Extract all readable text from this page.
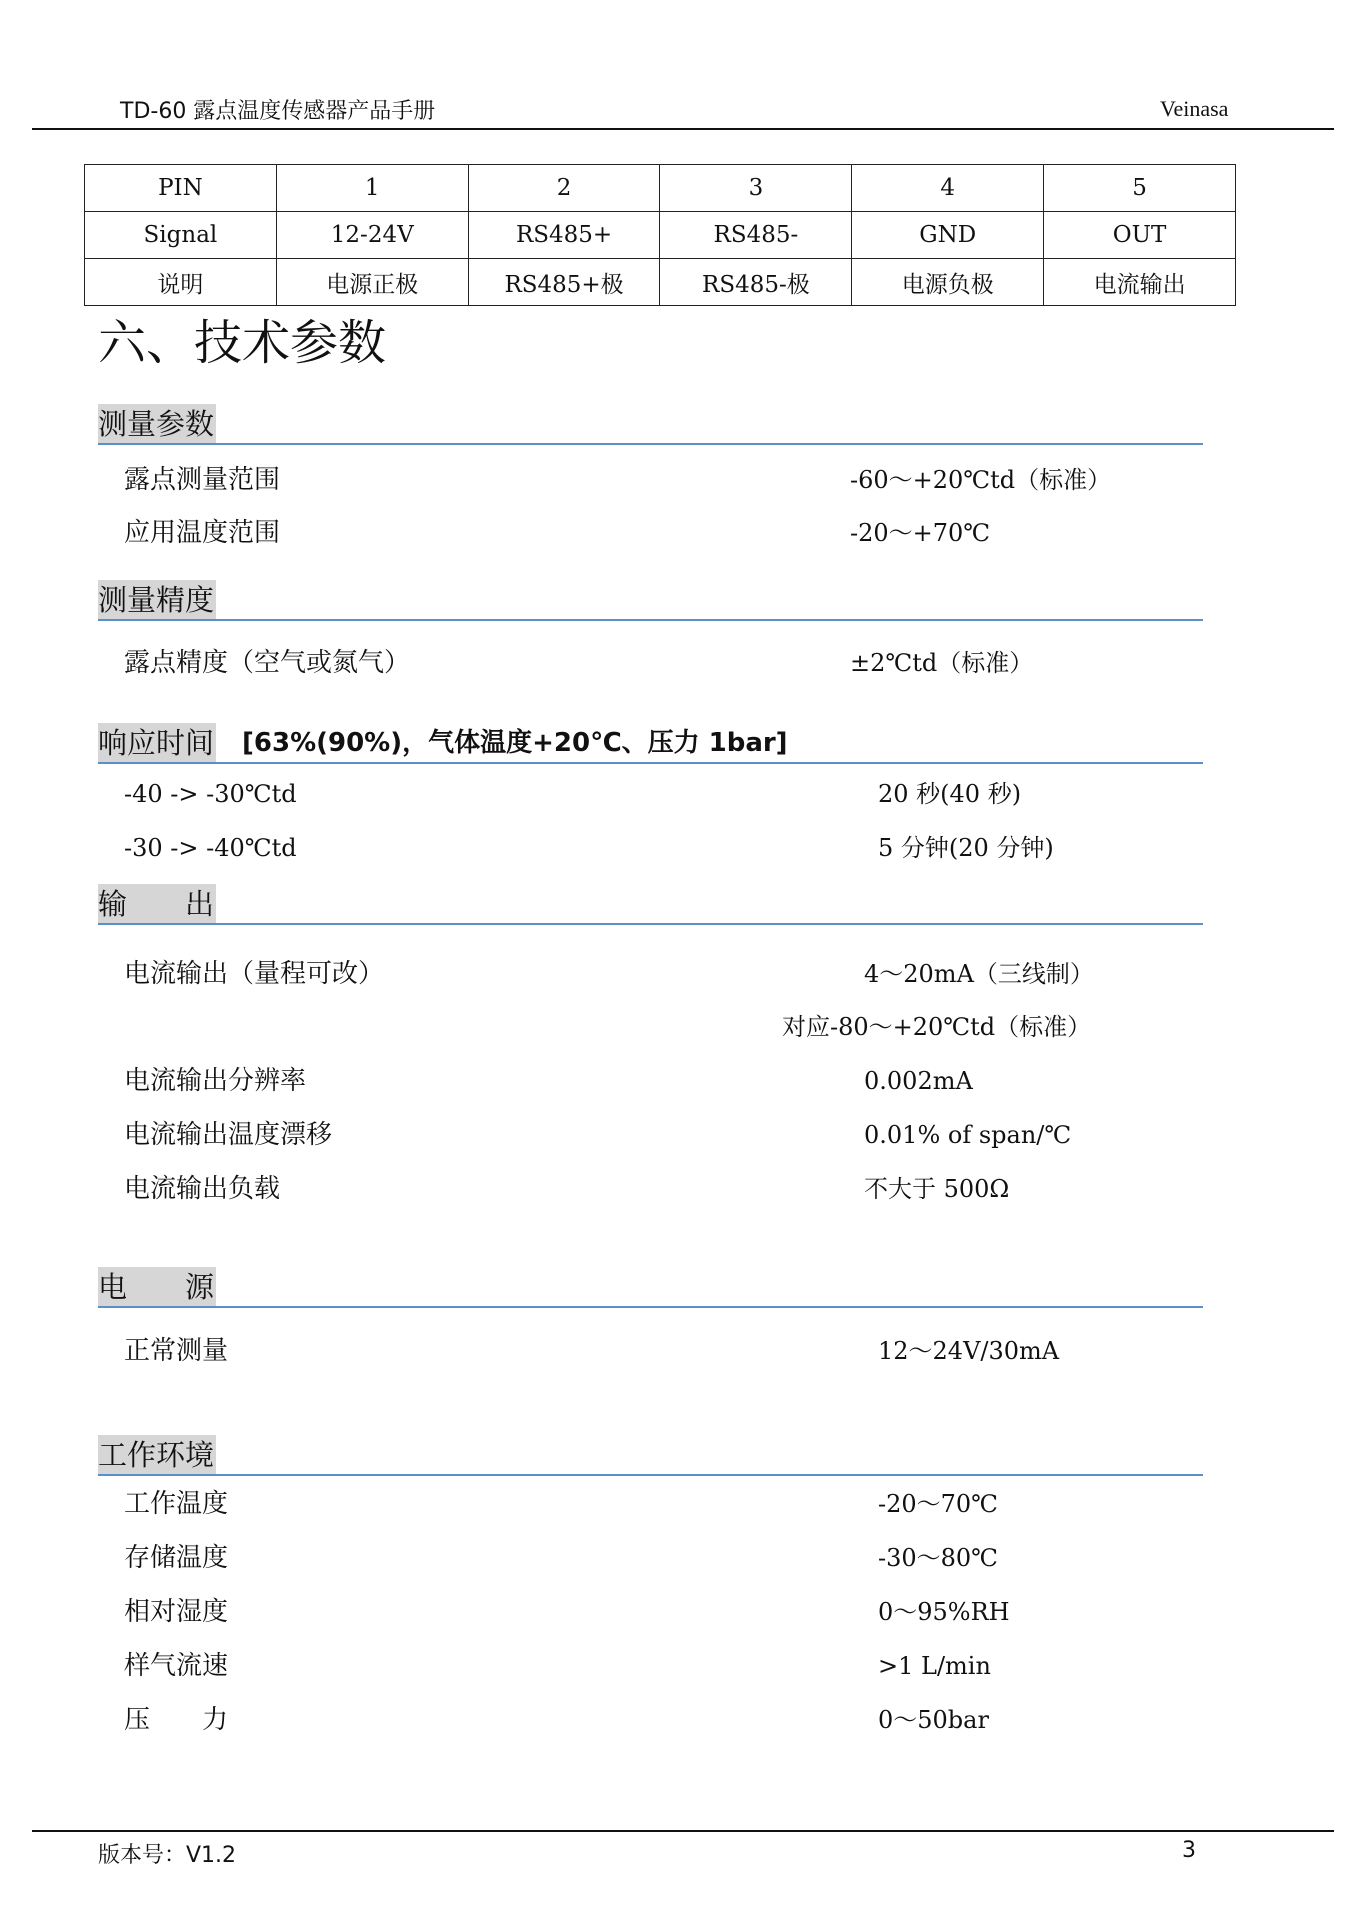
TD-60 露点温度传感器产品手册	Veinasa
PIN	1	2	3	4	5
Signal	12-24V	RS485+	RS485-	GND	OUT
说明	电源正极	RS485+极	RS485-极	电源负极	电流输出
六、技术参数
测量参数
露点测量范围	-60～+20℃td（标准）
应用温度范围	-20～+70℃
测量精度
露点精度（空气或氮气）	±2℃td（标准）
响应时间 [63%(90%)，气体温度+20℃、压力 1bar]
-40 -> -30℃td	20 秒(40 秒)
-30 -> -40℃td	5 分钟(20 分钟)
输　　出
电流输出（量程可改）	4～20mA（三线制）
对应-80～+20℃td（标准）
电流输出分辨率	0.002mA
电流输出温度漂移	0.01% of span/℃
电流输出负载	不大于 500Ω
电　　源
正常测量	12～24V/30mA
工作环境
工作温度	-20～70℃
存储温度	-30～80℃
相对湿度	0～95%RH
样气流速	>1 L/min
压　　力	0～50bar
版本号：V1.2	3
